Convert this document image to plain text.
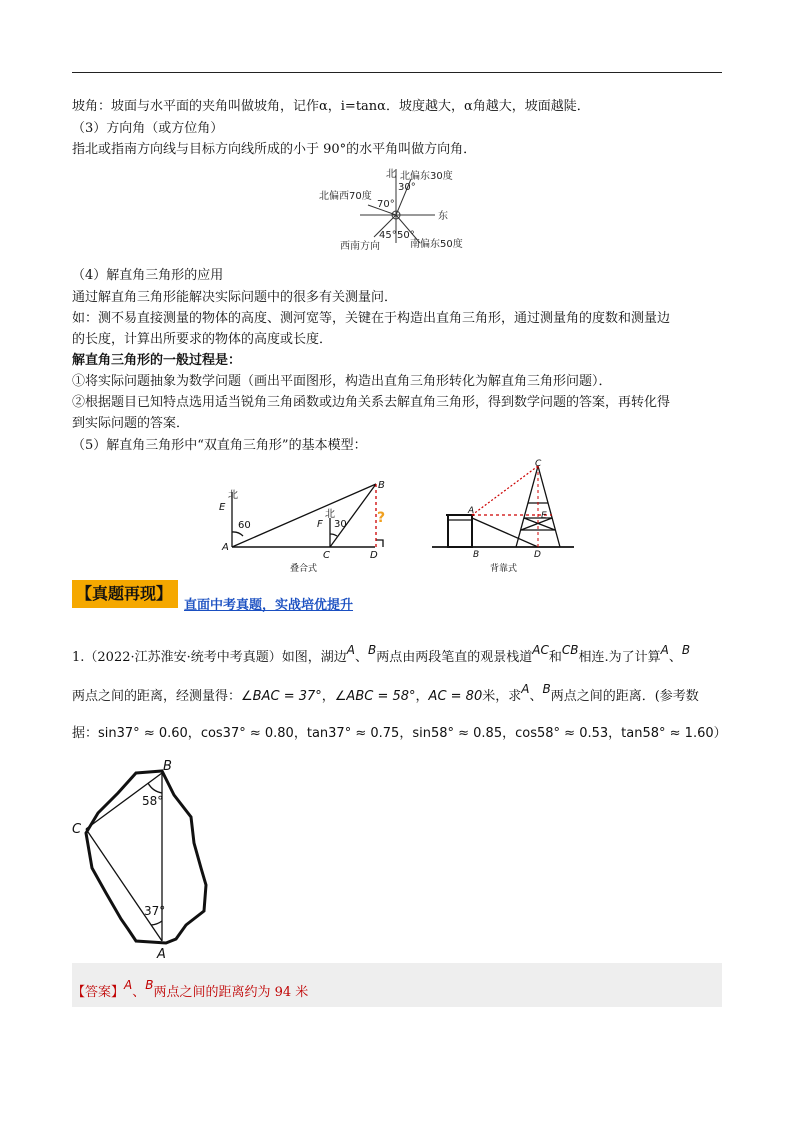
坡角：坡面与水平面的夹角叫做坡角，记作α，i=tanα．坡度越大，α角越大，坡面越陡．
（3）方向角（或方位角）
指北或指南方向线与目标方向线所成的小于 90°的水平角叫做方向角．
北 北偏东30度
30°
北偏西70度
70°
东
45° 50°
西南方向	南偏东50度
（4）解直角三角形的应用
通过解直角三角形能解决实际问题中的很多有关测量问．
如：测不易直接测量的物体的高度、测河宽等，关键在于构造出直角三角形，通过测量角的度数和测量边
的长度，计算出所要求的物体的高度或长度．
解直角三角形的一般过程是：
①将实际问题抽象为数学问题（画出平面图形，构造出直角三角形转化为解直角三角形问题）．
②根据题目已知特点选用适当锐角三角函数或边角关系去解直角三角形，得到数学问题的答案，再转化得
到实际问题的答案．
（5）解直角三角形中“双直角三角形”的基本模型：
北
E
60
A
北
F 30
C	D
B
?
叠合式
C
A	E
B	D
背靠式
【真题再现】
直面中考真题，实战培优提升
1.（2022·江苏淮安·统考中考真题）如图，湖边A、B两点由两段笔直的观景栈道AC和CB相连.为了计算A、B
两点之间的距离，经测量得：∠BAC = 37°，∠ABC = 58°，AC = 80米，求A、B两点之间的距离．(参考数
据：sin37° ≈ 0.60，cos37° ≈ 0.80，tan37° ≈ 0.75，sin58° ≈ 0.85，cos58° ≈ 0.53，tan58° ≈ 1.60）
B
C
A
58°
37°
【答案】A、B两点之间的距离约为 94 米
